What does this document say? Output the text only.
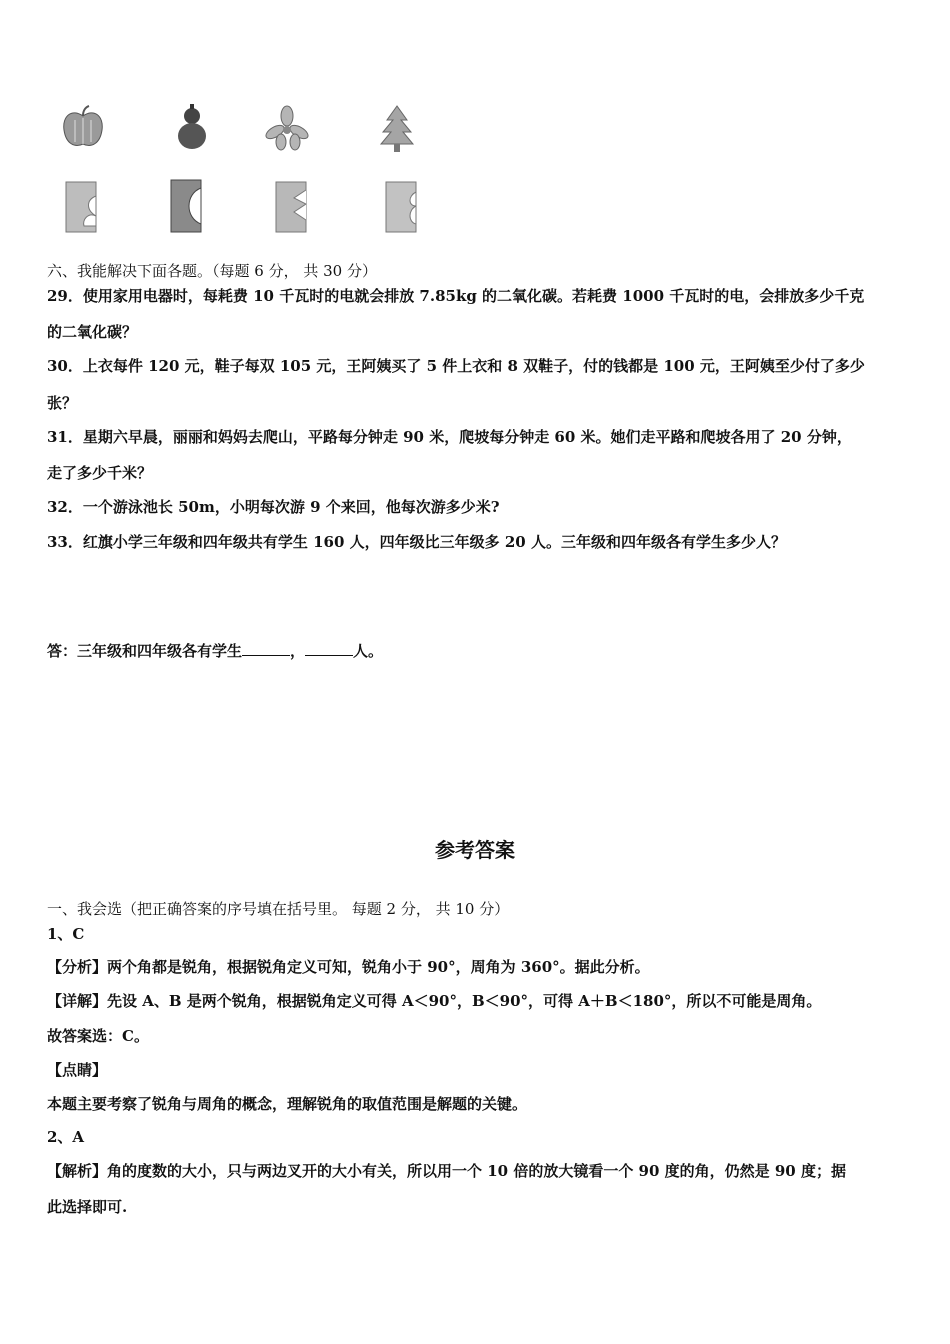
六、我能解决下面各题。（每题 6 分， 共 30 分）
29．使用家用电器时，每耗费 10 千瓦时的电就会排放 7.85kg 的二氧化碳。若耗费 1000 千瓦时的电，会排放多少千克
的二氧化碳？
30．上衣每件 120 元，鞋子每双 105 元，王阿姨买了 5 件上衣和 8 双鞋子，付的钱都是 100 元，王阿姨至少付了多少
张？
31．星期六早晨，丽丽和妈妈去爬山，平路每分钟走 90 米，爬坡每分钟走 60 米。她们走平路和爬坡各用了 20 分钟，
走了多少千米？
32．一个游泳池长 50m，小明每次游 9 个来回，他每次游多少米?
33．红旗小学三年级和四年级共有学生 160 人，四年级比三年级多 20 人。三年级和四年级各有学生多少人？
答：三年级和四年级各有学生	，	人。
参考答案
一、我会选（把正确答案的序号填在括号里。 每题 2 分， 共 10 分）
1、C
【分析】两个角都是锐角，根据锐角定义可知，锐角小于 90°，周角为 360°。据此分析。
【详解】先设 A、B 是两个锐角，根据锐角定义可得 A＜90°，B＜90°，可得 A＋B＜180°，所以不可能是周角。
故答案选：C。
【点睛】
本题主要考察了锐角与周角的概念，理解锐角的取值范围是解题的关键。
2、A
【解析】角的度数的大小，只与两边叉开的大小有关，所以用一个 10 倍的放大镜看一个 90 度的角，仍然是 90 度；据
此选择即可.
